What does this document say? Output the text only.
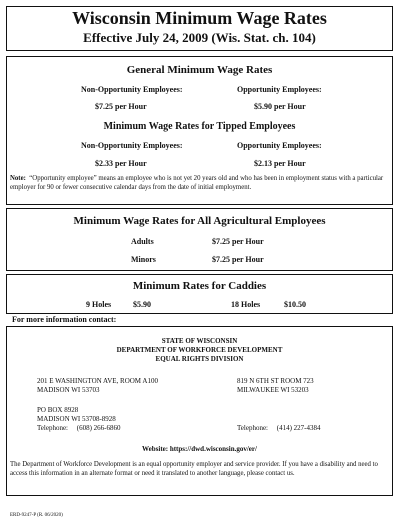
Wisconsin Minimum Wage Rates
Effective July 24, 2009 (Wis. Stat. ch. 104)
General Minimum Wage Rates
Non-Opportunity Employees:	Opportunity Employees:
$7.25 per Hour	$5.90 per Hour
Minimum Wage Rates for Tipped Employees
Non-Opportunity Employees:	Opportunity Employees:
$2.33 per Hour	$2.13 per Hour
Note: “Opportunity employee” means an employee who is not yet 20 years old and who has been in employment status with a particular employer for 90 or fewer consecutive calendar days from the date of initial employment.
Minimum Wage Rates for All Agricultural Employees
Adults	$7.25 per Hour
Minors	$7.25 per Hour
Minimum Rates for Caddies
9 Holes	$5.90	18 Holes	$10.50
For more information contact:
STATE OF WISCONSIN
DEPARTMENT OF WORKFORCE DEVELOPMENT
EQUAL RIGHTS DIVISION
201 E WASHINGTON AVE, ROOM A100
MADISON WI 53703
819 N 6TH ST ROOM 723
MILWAUKEE WI 53203
PO BOX 8928
MADISON WI 53708-8928
Telephone:     (608) 266-6860	Telephone:     (414) 227-4384
Website: https://dwd.wisconsin.gov/er/
The Department of Workforce Development is an equal opportunity employer and service provider. If you have a disability and need to access this information in an alternate format or need it translated to another language, please contact us.
ERD-9247-P (R. 06/2020)
